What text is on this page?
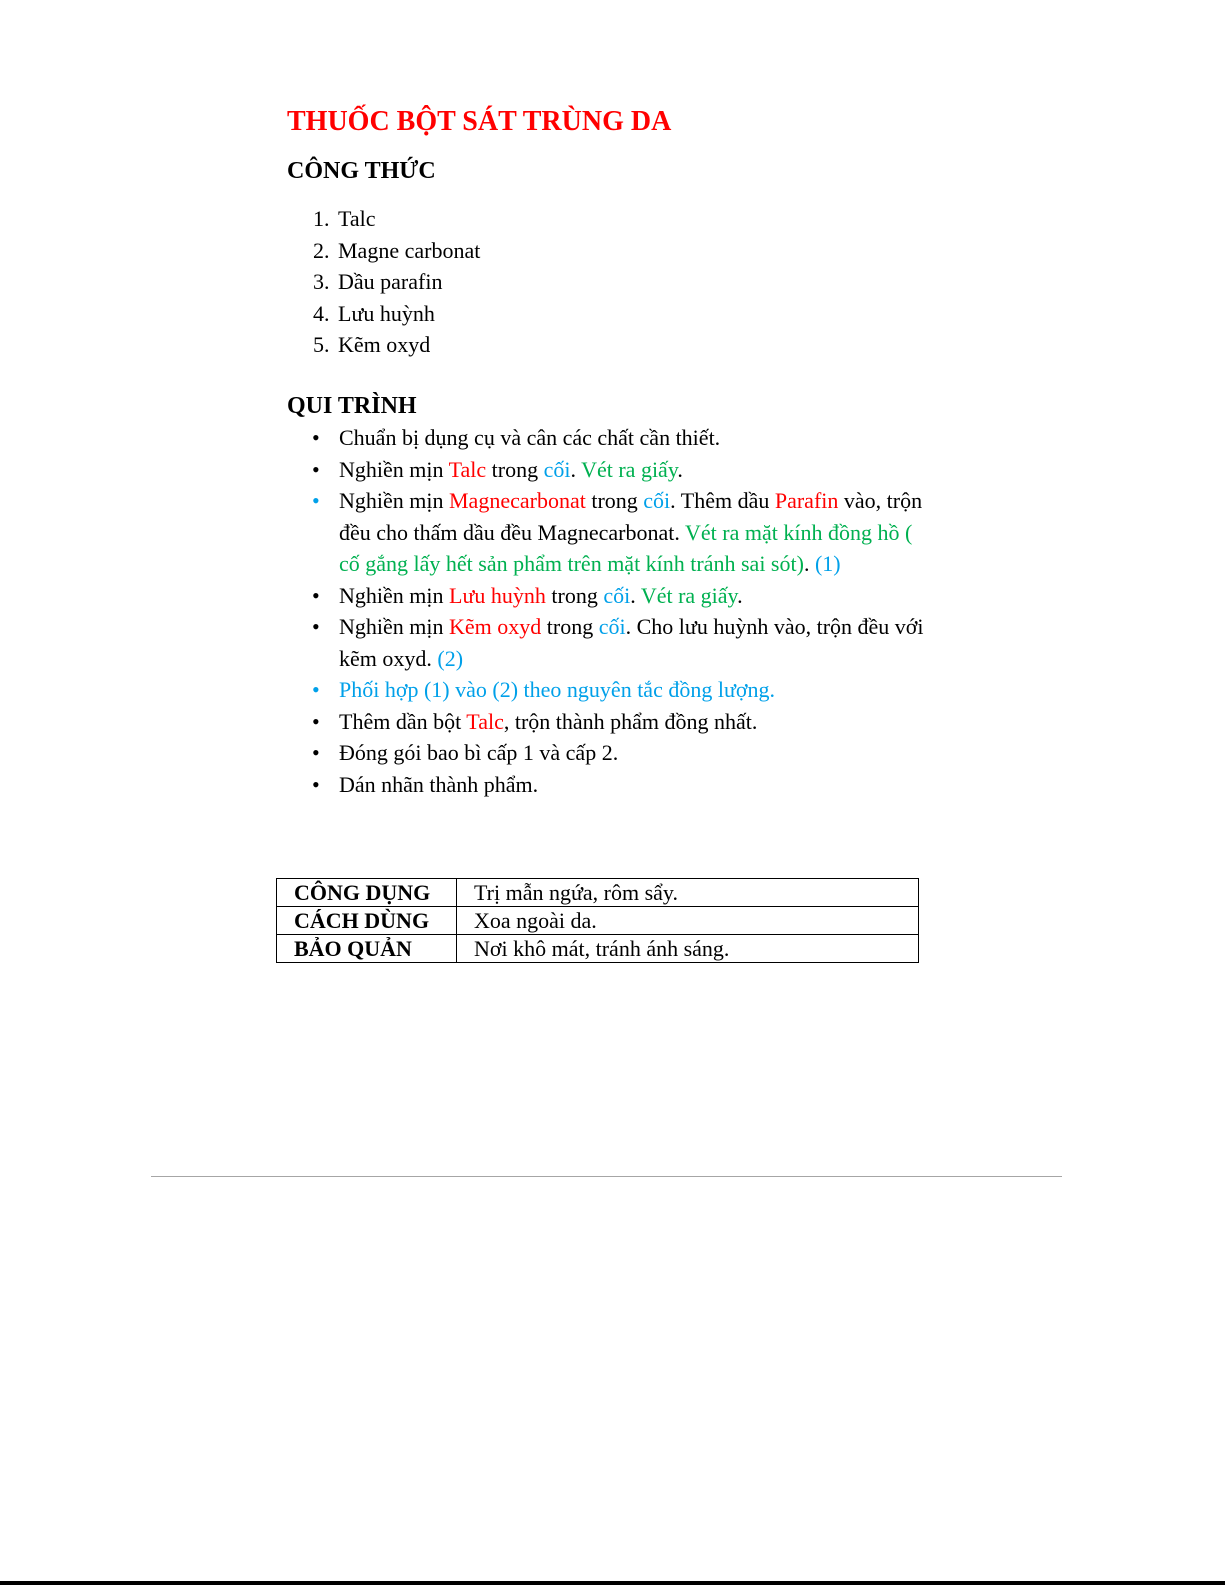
THUỐC BỘT SÁT TRÙNG DA
CÔNG THỨC
1. Talc
2. Magne carbonat
3. Dầu parafin
4. Lưu huỳnh
5. Kẽm oxyd
QUI TRÌNH
• Chuẩn bị dụng cụ và cân các chất cần thiết.
• Nghiền mịn Talc trong cối. Vét ra giấy.
• Nghiền mịn Magnecarbonat trong cối. Thêm dầu Parafin vào, trộn đều cho thấm dầu đều Magnecarbonat. Vét ra mặt kính đồng hồ ( cố gắng lấy hết sản phẩm trên mặt kính tránh sai sót). (1)
• Nghiền mịn Lưu huỳnh trong cối. Vét ra giấy.
• Nghiền mịn Kẽm oxyd trong cối. Cho lưu huỳnh vào, trộn đều với kẽm oxyd. (2)
• Phối hợp (1) vào (2) theo nguyên tắc đồng lượng.
• Thêm dần bột Talc, trộn thành phẩm đồng nhất.
• Đóng gói bao bì cấp 1 và cấp 2.
• Dán nhãn thành phẩm.
CÔNG DỤNG	Trị mẫn ngứa, rôm sẩy.
CÁCH DÙNG	Xoa ngoài da.
BẢO QUẢN	Nơi khô mát, tránh ánh sáng.
